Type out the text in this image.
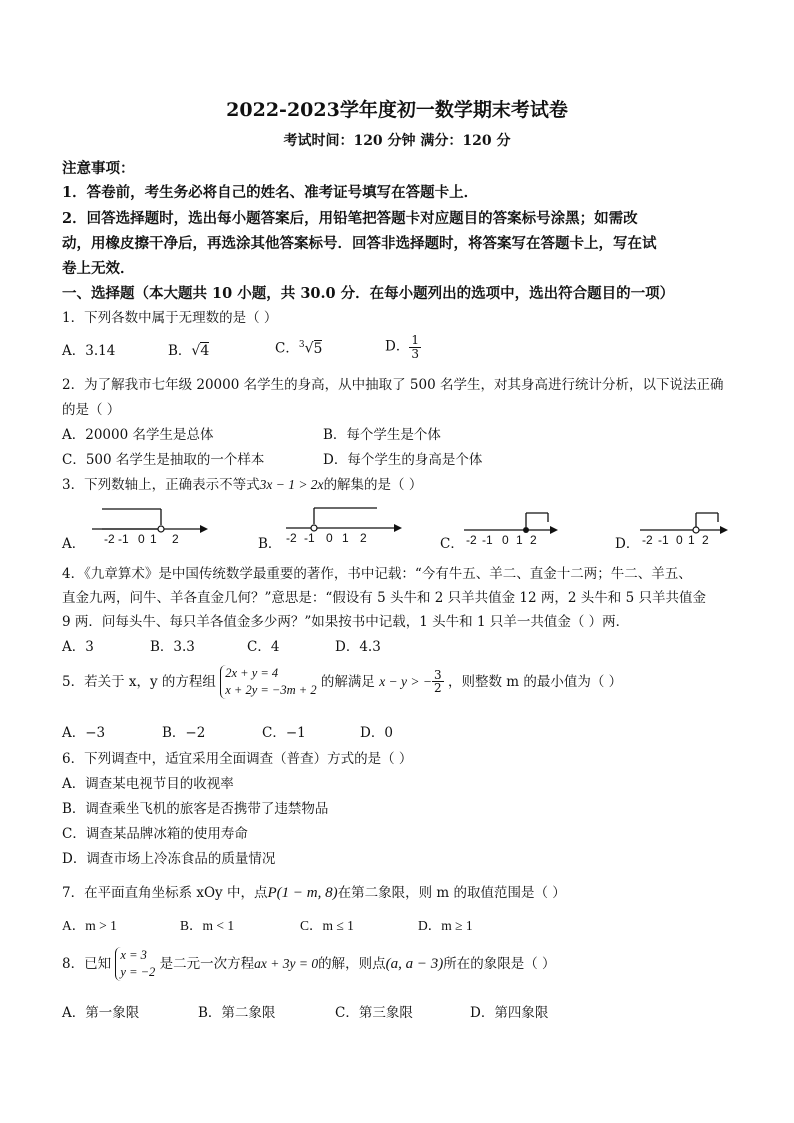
2022-2023学年度初一数学期末考试卷
考试时间：120 分钟 满分：120 分
注意事项：
1．答卷前，考生务必将自己的姓名、准考证号填写在答题卡上．
2．回答选择题时，选出每小题答案后，用铅笔把答题卡对应题目的答案标号涂黑；如需改
动，用橡皮擦干净后，再选涂其他答案标号．回答非选择题时，将答案写在答题卡上，写在试
卷上无效．
一、选择题（本大题共 10 小题，共 30.0 分．在每小题列出的选项中，选出符合题目的一项）
1．下列各数中属于无理数的是（ ）
A．3.14	B．√4	C．$^3$√5	D． $\frac{1}{3}$
2．为了解我市七年级 20000 名学生的身高，从中抽取了 500 名学生，对其身高进行统计分析，以下说法正确
的是（ ）
A．20000 名学生是总体	B．每个学生是个体
C．500 名学生是抽取的一个样本	D．每个学生的身高是个体
3．下列数轴上，正确表示不等式3x − 1 > 2x的解集的是（ ）
A． -2 -1 0 1 2	B． -2 -1 0 1 2	C． -2 -1 0 1 2	D． -2 -1 0 1 2
4．《九章算术》是中国传统数学最重要的著作，书中记载：“今有牛五、羊二、直金十二两；牛二、羊五、
直金九两，问牛、羊各直金几何？”意思是：“假设有 5 头牛和 2 只羊共值金 12 两，2 头牛和 5 只羊共值金
9 两．问每头牛、每只羊各值金多少两？”如果按书中记载，1 头牛和 1 只羊一共值金（ ）两．
A．3	B．3.3	C．4	D．4.3
5．若关于 x，y 的方程组
2x + y = 4
x + 2y = −3m + 2
的解满足 x − y > − $\frac{3}{2}$ ，则整数 m 的最小值为（ ）
A．−3	B．−2	C．−1	D．0
6．下列调查中，适宜采用全面调查（普查）方式的是（ ）
A．调查某电视节目的收视率
B．调查乘坐飞机的旅客是否携带了违禁物品
C．调查某品牌冰箱的使用寿命
D．调查市场上冷冻食品的质量情况
7．在平面直角坐标系 xOy 中，点P(1 − m, 8)在第二象限，则 m 的取值范围是（ ）
A．m > 1	B．m < 1	C．m ≤ 1	D．m ≥ 1
8．已知
x = 3
y = −2
是二元一次方程ax + 3y = 0的解，则点(a, a − 3)所在的象限是（ ）
A．第一象限	B．第二象限	C．第三象限	D．第四象限
